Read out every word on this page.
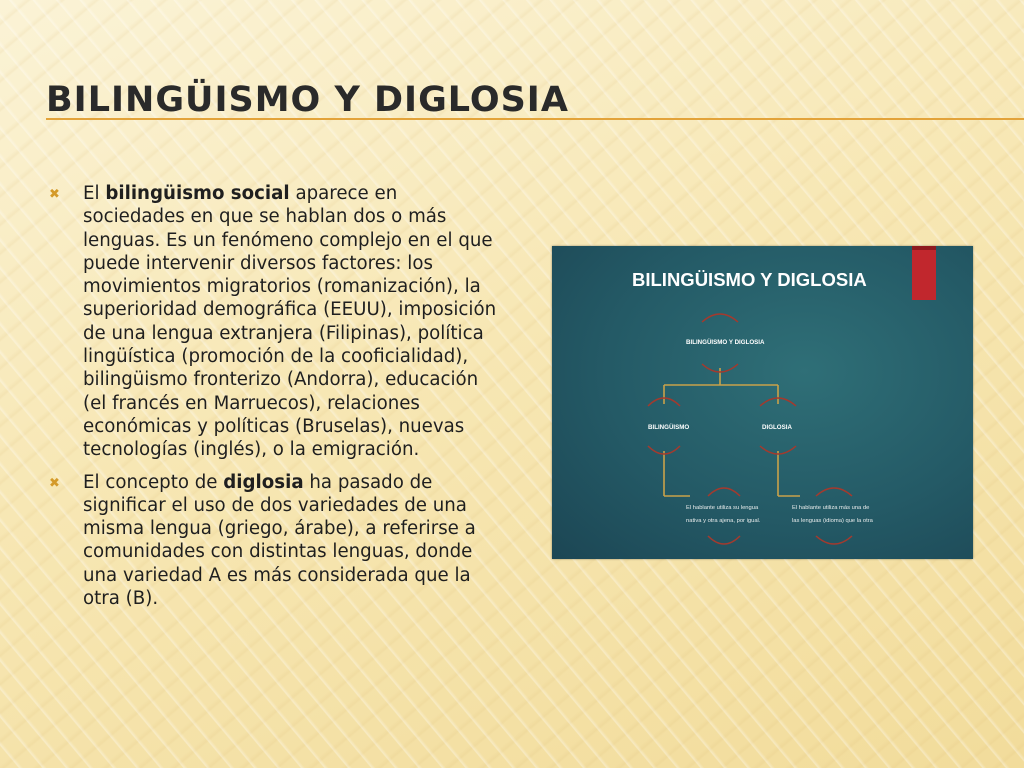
BILINGÜISMO Y DIGLOSIA
✖ El bilingüismo social aparece en sociedades en que se hablan dos o más lenguas. Es un fenómeno complejo en el que puede intervenir diversos factores: los movimientos migratorios (romanización), la superioridad demográfica (EEUU), imposición de una lengua extranjera (Filipinas), política lingüística (promoción de la cooficialidad), bilingüismo fronterizo (Andorra), educación (el francés en Marruecos), relaciones económicas y políticas (Bruselas), nuevas tecnologías (inglés), o la emigración.
✖ El concepto de diglosia ha pasado de significar el uso de dos variedades de una misma lengua (griego, árabe), a referirse a comunidades con distintas lenguas, donde una variedad A es más considerada que la otra (B).
BILINGÜISMO Y DIGLOSIA
BILINGÜISMO Y DIGLOSIA
BILINGÜISMO	DIGLOSIA
El hablante utiliza su lengua
nativa y otra ajena, por igual.
El hablante utiliza más una de
las lenguas (idioma) que la otra
